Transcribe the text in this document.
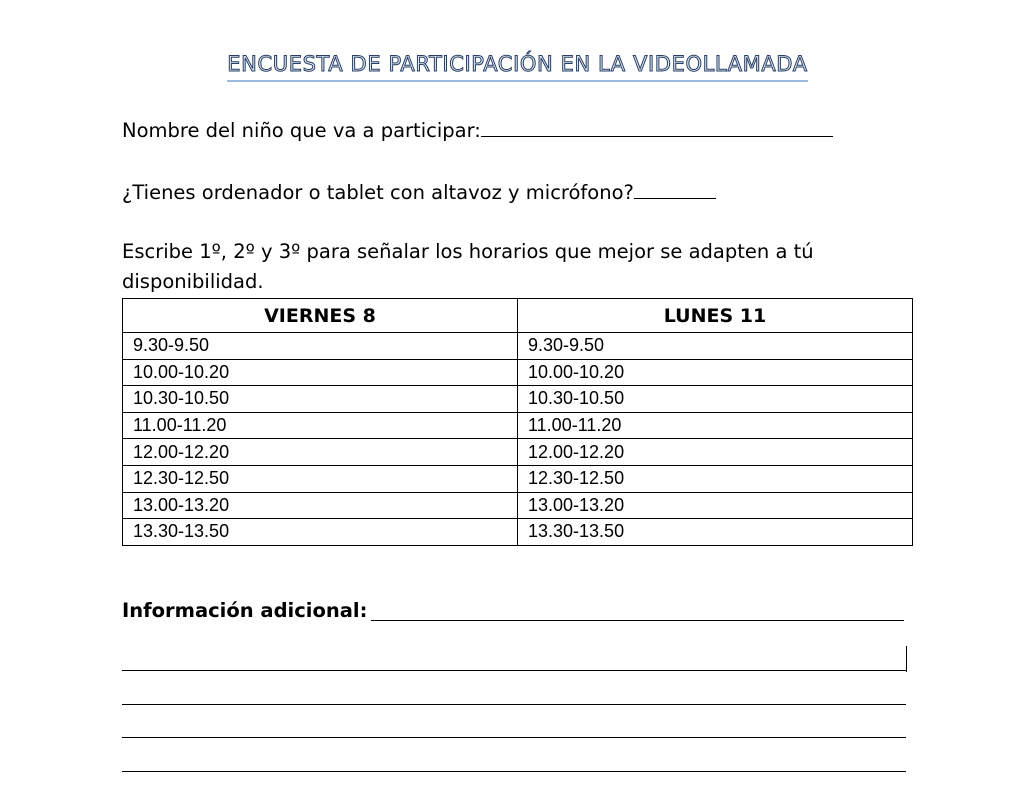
ENCUESTA DE PARTICIPACIÓN EN LA VIDEOLLAMADA
Nombre del niño que va a participar:
¿Tienes ordenador o tablet con altavoz y micrófono?
Escribe 1º, 2º y 3º para señalar los horarios que mejor se adapten a tú
disponibilidad.
VIERNES 8	LUNES 11
9.30-9.50	9.30-9.50
10.00-10.20	10.00-10.20
10.30-10.50	10.30-10.50
11.00-11.20	11.00-11.20
12.00-12.20	12.00-12.20
12.30-12.50	12.30-12.50
13.00-13.20	13.00-13.20
13.30-13.50	13.30-13.50
Información adicional:
